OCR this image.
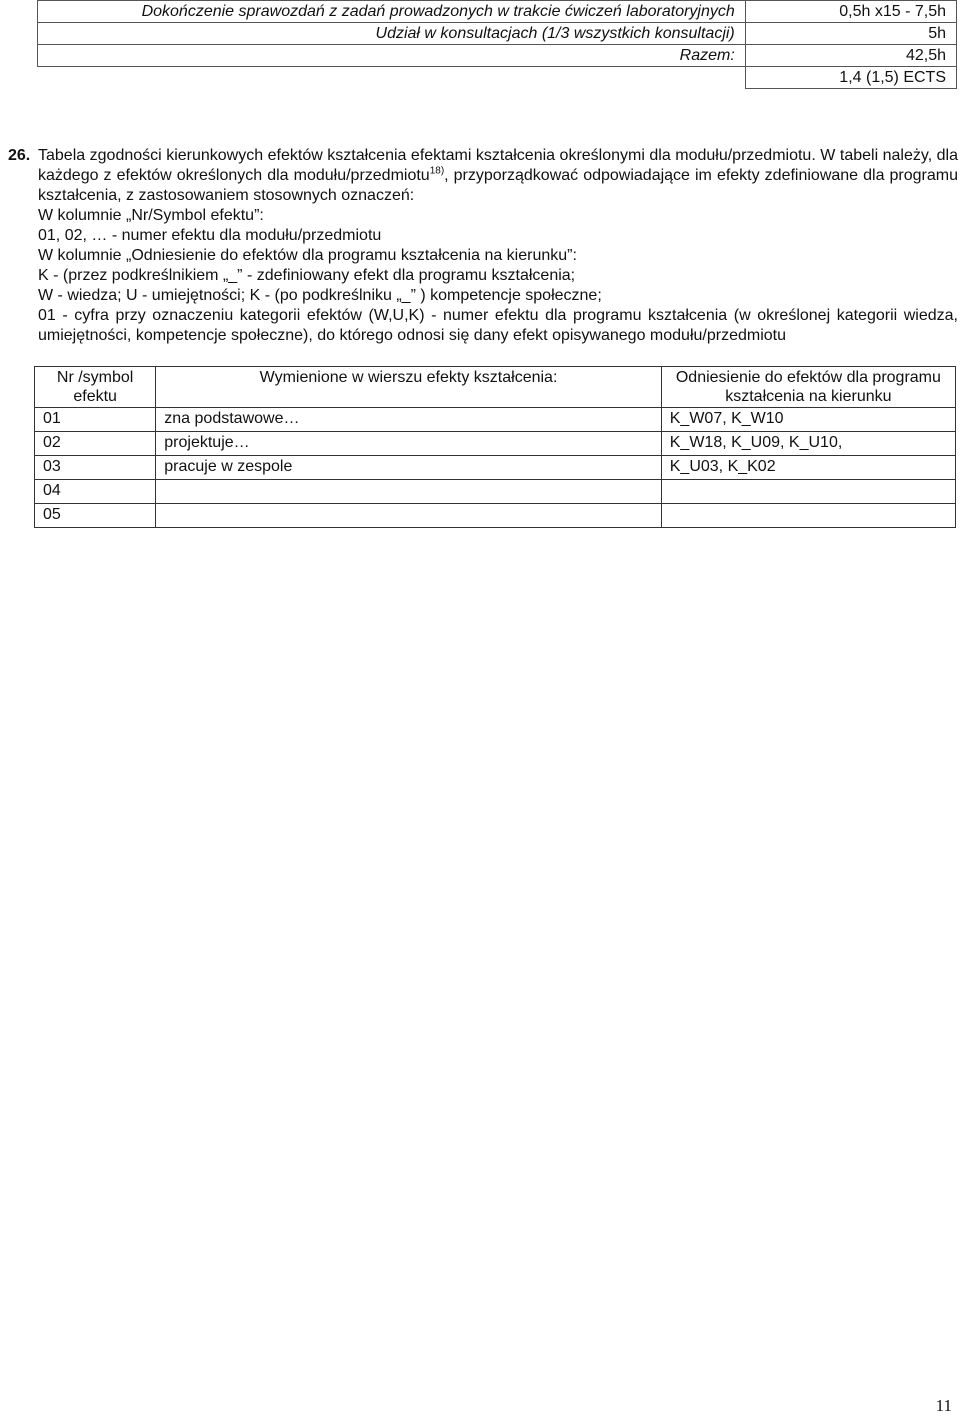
Dokończenie sprawozdań z zadań prowadzonych w trakcie ćwiczeń laboratoryjnych	0,5h x15 - 7,5h
Udział w konsultacjach (1/3 wszystkich konsultacji)	5h
Razem:	42,5h
	1,4 (1,5) ECTS
26. Tabela zgodności kierunkowych efektów kształcenia efektami kształcenia określonymi dla modułu/przedmiotu. W tabeli należy, dla każdego z efektów określonych dla modułu/przedmiotu$^{18)}$, przyporządkować odpowiadające im efekty zdefiniowane dla programu kształcenia, z zastosowaniem stosownych oznaczeń:

W kolumnie „Nr/Symbol efektu”:

01, 02, … - numer efektu dla modułu/przedmiotu

W kolumnie „Odniesienie do efektów dla programu kształcenia na kierunku”:

K - (przez podkreślnikiem „_” - zdefiniowany efekt dla programu kształcenia;

W - wiedza; U - umiejętności; K - (po podkreślniku „_” ) kompetencje społeczne;

01 - cyfra przy oznaczeniu kategorii efektów (W,U,K) - numer efektu dla programu kształcenia (w określonej kategorii wiedza, umiejętności, kompetencje społeczne), do którego odnosi się dany efekt opisywanego modułu/przedmiotu

Nr /symbol efektu	Wymienione w wierszu efekty kształcenia:	Odniesienie do efektów dla programu kształcenia na kierunku
01	zna podstawowe…	K_W07, K_W10
02	projektuje…	K_W18, K_U09, K_U10,
03	pracuje w zespole	K_U03, K_K02
04		
05		
11
